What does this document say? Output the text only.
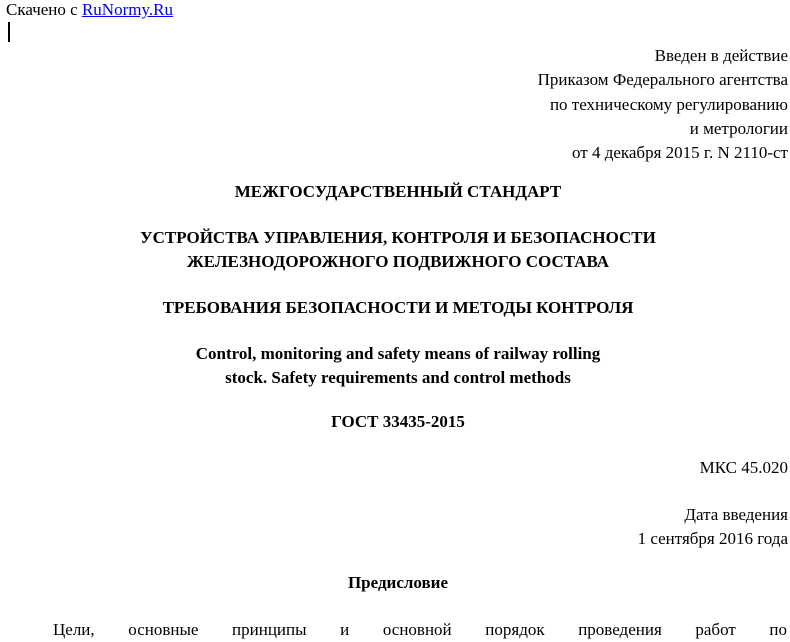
Скачено с RuNormy.Ru
Введен в действие
Приказом Федерального агентства
по техническому регулированию
и метрологии
от 4 декабря 2015 г. N 2110-ст
МЕЖГОСУДАРСТВЕННЫЙ СТАНДАРТ
УСТРОЙСТВА УПРАВЛЕНИЯ, КОНТРОЛЯ И БЕЗОПАСНОСТИ
ЖЕЛЕЗНОДОРОЖНОГО ПОДВИЖНОГО СОСТАВА
ТРЕБОВАНИЯ БЕЗОПАСНОСТИ И МЕТОДЫ КОНТРОЛЯ
Control, monitoring and safety means of railway rolling
stock. Safety requirements and control methods
ГОСТ 33435-2015
МКС 45.020
Дата введения
1 сентября 2016 года
Предисловие
Цели, основные принципы и основной порядок проведения работ по
